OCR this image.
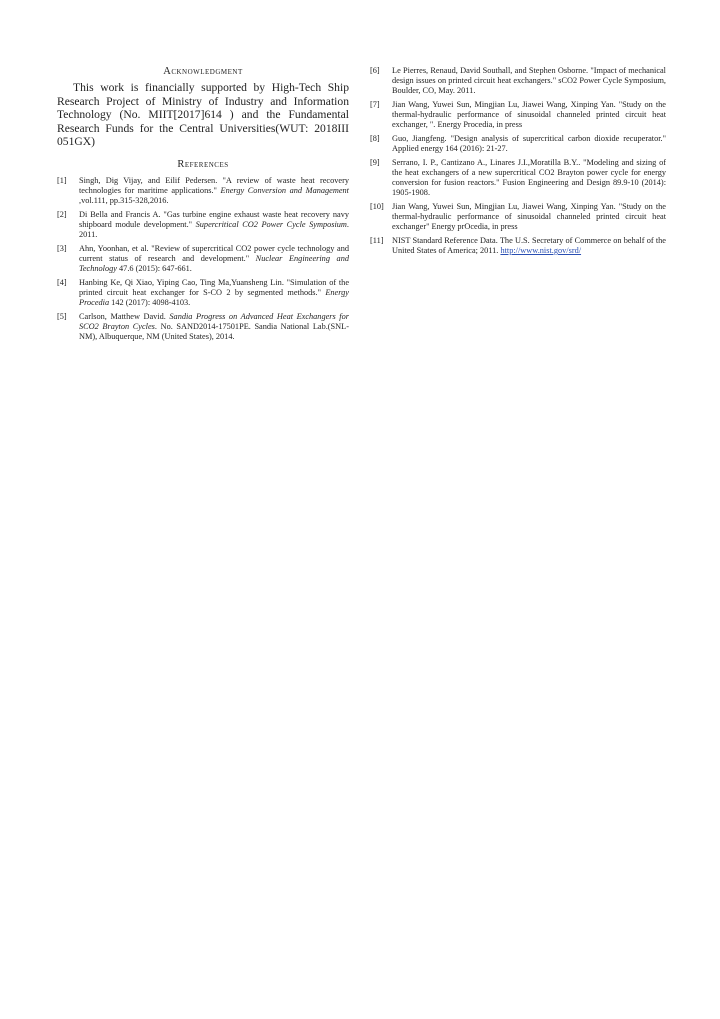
Acknowledgment

This work is financially supported by High-Tech Ship Research Project of Ministry of Industry and Information Technology (No. MIIT[2017]614 ) and the Fundamental Research Funds for the Central Universities(WUT: 2018III 051GX)

References
[1]	Singh, Dig Vijay, and Eilif Pedersen. "A review of waste heat recovery technologies for maritime applications." Energy Conversion and Management ,vol.111, pp.315-328,2016.
[2]	Di Bella and Francis A. "Gas turbine engine exhaust waste heat recovery navy shipboard module development." Supercritical CO2 Power Cycle Symposium. 2011.
[3]	Ahn, Yoonhan, et al. "Review of supercritical CO2 power cycle technology and current status of research and development." Nuclear Engineering and Technology 47.6 (2015): 647-661.
[4]	Hanbing Ke, Qi Xiao, Yiping Cao, Ting Ma,Yuansheng Lin. "Simulation of the printed circuit heat exchanger for S-CO 2 by segmented methods." Energy Procedia 142 (2017): 4098-4103.
[5]	Carlson, Matthew David. Sandia Progress on Advanced Heat Exchangers for SCO2 Brayton Cycles. No. SAND2014-17501PE. Sandia National Lab.(SNL-NM), Albuquerque, NM (United States), 2014.
[6]	Le Pierres, Renaud, David Southall, and Stephen Osborne. "Impact of mechanical design issues on printed circuit heat exchangers." sCO2 Power Cycle Symposium, Boulder, CO, May. 2011.
[7]	Jian Wang, Yuwei Sun, Mingjian Lu, Jiawei Wang, Xinping Yan. "Study on the thermal-hydraulic performance of sinusoidal channeled printed circuit heat exchanger, ". Energy Procedia, in press
[8]	Guo, Jiangfeng. "Design analysis of supercritical carbon dioxide recuperator." Applied energy 164 (2016): 21-27.
[9]	Serrano, I. P., Cantizano A., Linares J.I.,Moratilla B.Y.. "Modeling and sizing of the heat exchangers of a new supercritical CO2 Brayton power cycle for energy conversion for fusion reactors." Fusion Engineering and Design 89.9-10 (2014): 1905-1908.
[10] Jian Wang, Yuwei Sun, Mingjian Lu, Jiawei Wang, Xinping Yan. "Study on the thermal-hydraulic performance of sinusoidal channeled printed circuit heat exchanger" Energy prOcedia, in press
[11]	NIST Standard Reference Data. The U.S. Secretary of Commerce on behalf of the United States of America; 2011. http://www.nist.gov/srd/
